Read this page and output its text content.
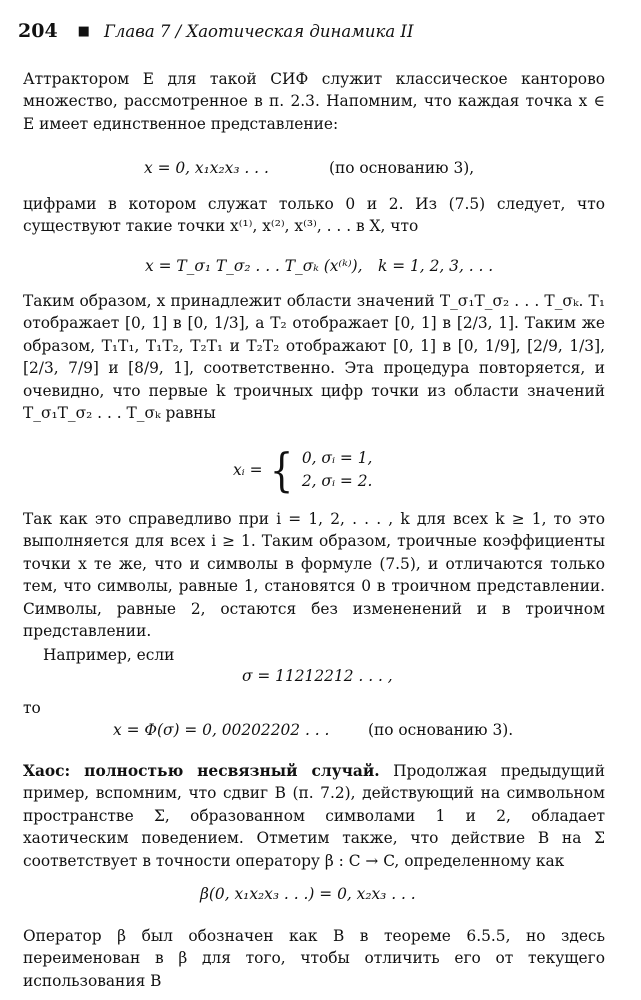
204 ■ Глава 7 / Хаотическая динамика II
Аттрактором E для такой СИФ служит классическое канторово множество, рассмотренное в п. 2.3. Напомним, что каждая точка x ∈ E имеет единственное представление:
x = 0, x₁x₂x₃ . . .	(по основанию 3),
цифрами в котором служат только 0 и 2. Из (7.5) следует, что существуют такие точки x⁽¹⁾, x⁽²⁾, x⁽³⁾, . . . в X, что
x = T_σ₁ T_σ₂ . . . T_σₖ (x⁽ᵏ⁾), k = 1, 2, 3, . . .
Таким образом, x принадлежит области значений T_σ₁T_σ₂ . . . T_σₖ. T₁ отображает [0, 1] в [0, 1/3], а T₂ отображает [0, 1] в [2/3, 1]. Таким же образом, T₁T₁, T₁T₂, T₂T₁ и T₂T₂ отображают [0, 1] в [0, 1/9], [2/9, 1/3], [2/3, 7/9] и [8/9, 1], соответственно. Эта процедура повторяется, и очевидно, что первые k троичных цифр точки из области значений T_σ₁T_σ₂ . . . T_σₖ равны
xᵢ = { 0, σᵢ = 1,
2, σᵢ = 2.
Так как это справедливо при i = 1, 2, . . . , k для всех k ≥ 1, то это выполняется для всех i ≥ 1. Таким образом, троичные коэффициенты точки x те же, что и символы в формуле (7.5), и отличаются только тем, что символы, равные 1, становятся 0 в троичном представлении. Символы, равные 2, остаются без измененений и в троичном представлении.
Например, если
σ = 11212212 . . . ,
то
x = Φ(σ) = 0, 00202202 . . .	(по основанию 3).
Хаос: полностью несвязный случай. Продолжая предыдущий пример, вспомним, что сдвиг B (п. 7.2), действующий на символьном пространстве Σ, образованном символами 1 и 2, обладает хаотическим поведением. Отметим также, что действие B на Σ соответствует в точности оператору β : C → C, определенному как
β(0, x₁x₂x₃ . . .) = 0, x₂x₃ . . .
Оператор β был обозначен как B в теореме 6.5.5, но здесь переименован в β для того, чтобы отличить его от текущего использования B
